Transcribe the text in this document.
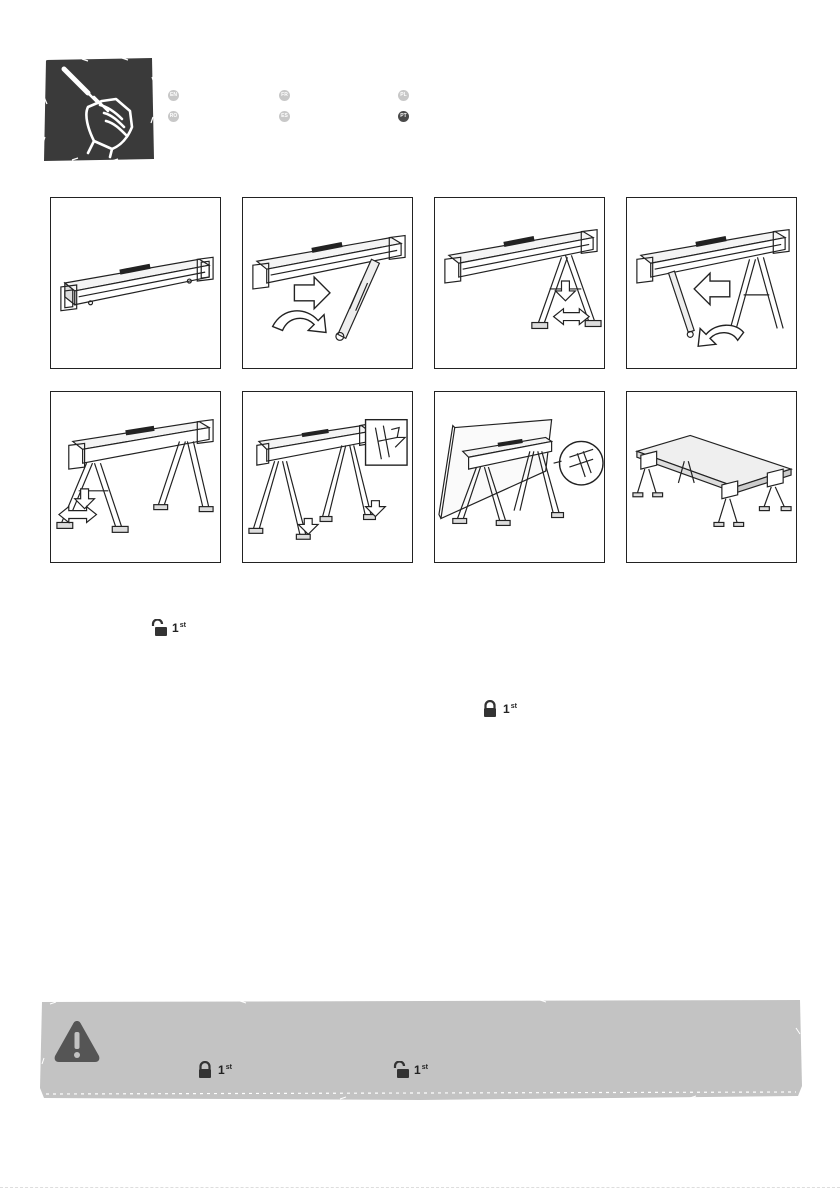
EN	FR	PL
RO	ES	PT
1st
1st
1st	1st
